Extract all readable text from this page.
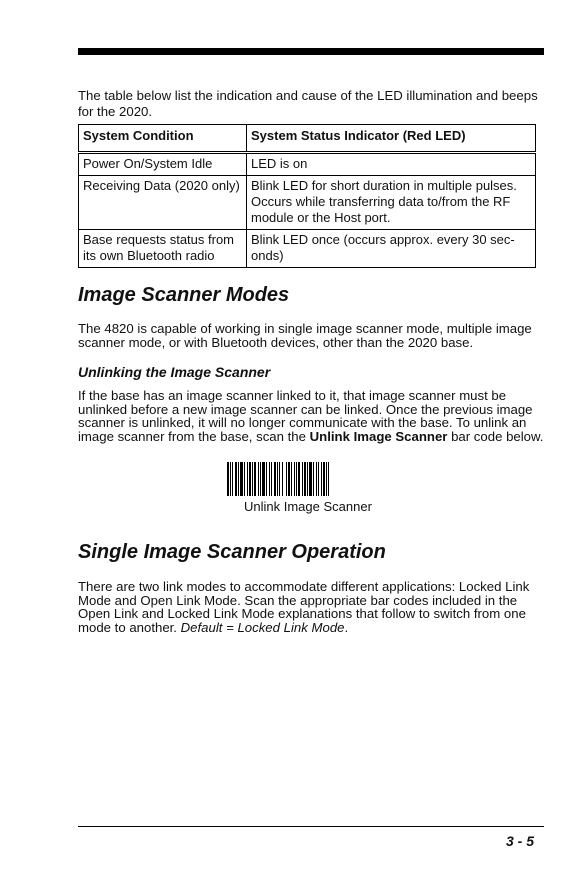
The table below list the indication and cause of the LED illumination and beeps for the 2020.

System Condition	System Status Indicator (Red LED)
Power On/System Idle	LED is on
Receiving Data (2020 only)	Blink LED for short duration in multiple pulses. Occurs while transferring data to/from the RF module or the Host port.
Base requests status from its own Bluetooth radio	Blink LED once (occurs approx. every 30 sec-onds)
Image Scanner Modes

The 4820 is capable of working in single image scanner mode, multiple image scanner mode, or with Bluetooth devices, other than the 2020 base.

Unlinking the Image Scanner

If the base has an image scanner linked to it, that image scanner must be unlinked before a new image scanner can be linked. Once the previous image scanner is unlinked, it will no longer communicate with the base. To unlink an image scanner from the base, scan the Unlink Image Scanner bar code below.

Unlink Image Scanner
Single Image Scanner Operation

There are two link modes to accommodate different applications: Locked Link Mode and Open Link Mode. Scan the appropriate bar codes included in the Open Link and Locked Link Mode explanations that follow to switch from one mode to another. Default = Locked Link Mode.

3 - 5
